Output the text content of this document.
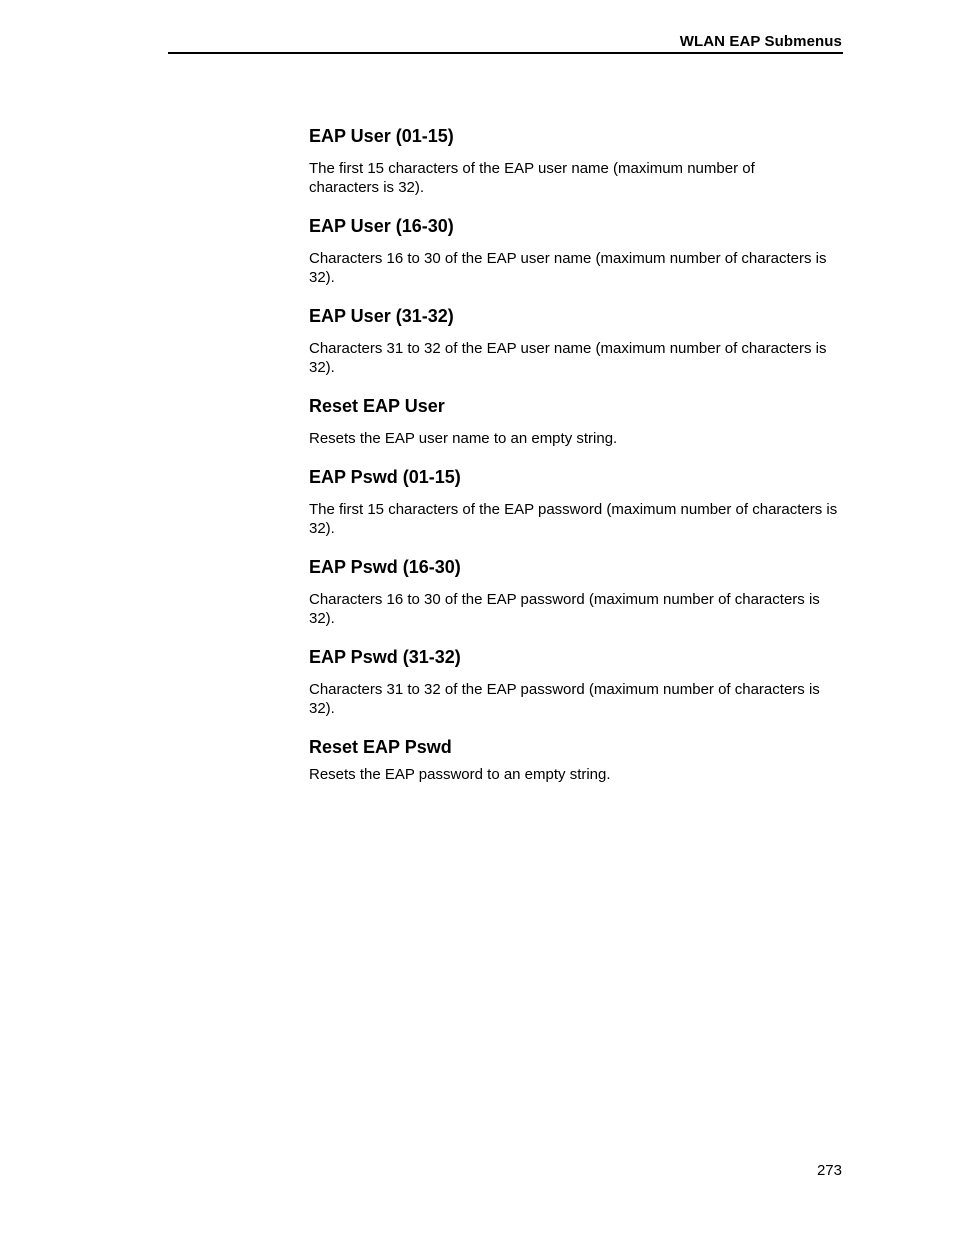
WLAN EAP Submenus
EAP User (01-15)

The first 15 characters of the EAP user name (maximum number of characters is 32).

EAP User (16-30)

Characters 16 to 30 of the EAP user name (maximum number of characters is 32).

EAP User (31-32)

Characters 31 to 32 of the EAP user name (maximum number of characters is 32).

Reset EAP User

Resets the EAP user name to an empty string.

EAP Pswd (01-15)

The first 15 characters of the EAP password (maximum number of characters is 32).

EAP Pswd (16-30)

Characters 16 to 30 of the EAP password (maximum number of characters is 32).

EAP Pswd (31-32)

Characters 31 to 32 of the EAP password (maximum number of characters is 32).

Reset EAP Pswd

Resets the EAP password to an empty string.

273
